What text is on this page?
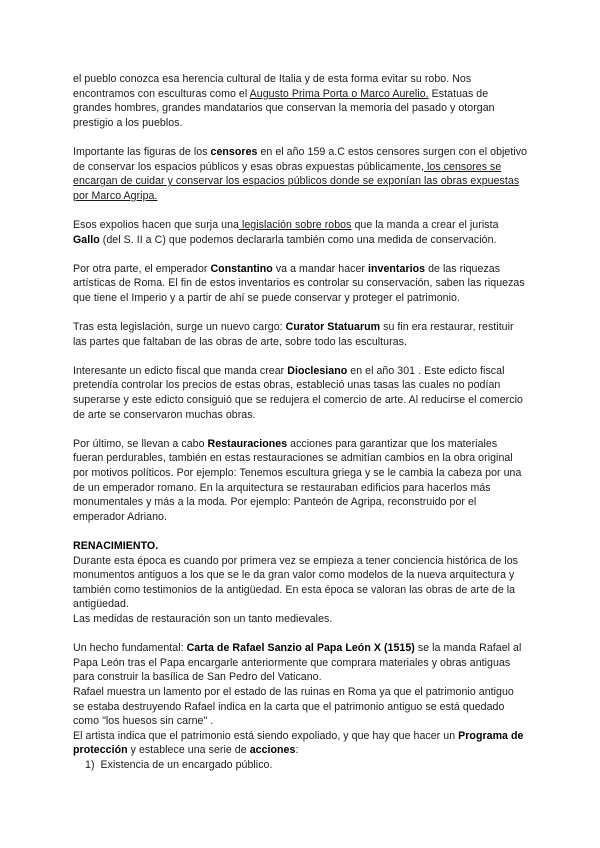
el pueblo conozca esa herencia cultural de Italia y de esta forma evitar su robo. Nos encontramos con esculturas como el Augusto Prima Porta o Marco Aurelio. Estatuas de grandes hombres, grandes mandatarios que conservan la memoria del pasado y otorgan prestigio a los pueblos.

Importante las figuras de los censores en el año 159 a.C estos censores surgen con el objetivo de conservar los espacios públicos y esas obras expuestas públicamente, los censores se encargan de cuidar y conservar los espacios públicos donde se exponían las obras expuestas por Marco Agripa.

Esos expolios hacen que surja una legislación sobre robos que la manda a crear el jurista Gallo (del S. II a C) que podemos declararla también como una medida de conservación.

Por otra parte, el emperador Constantino va a mandar hacer inventarios de las riquezas artísticas de Roma. El fin de estos inventarios es controlar su conservación, saben las riquezas que tiene el Imperio y a partir de ahí se puede conservar y proteger el patrimonio.

Tras esta legislación, surge un nuevo cargo: Curator Statuarum su fin era restaurar, restituir las partes que faltaban de las obras de arte, sobre todo las esculturas.

Interesante un edicto fiscal que manda crear Dioclesiano en el año 301 . Este edicto fiscal pretendía controlar los precios de estas obras, estableció unas tasas las cuales no podían superarse y este edicto consiguió que se redujera el comercio de arte. Al reducirse el comercio de arte se conservaron muchas obras.

Por último, se llevan a cabo Restauraciones acciones para garantizar que los materiales fueran perdurables, también en estas restauraciones se admitían cambios en la obra original por motivos políticos. Por ejemplo: Tenemos escultura griega y se le cambia la cabeza por una de un emperador romano. En la arquitectura se restauraban edificios para hacerlos más monumentales y más a la moda. Por ejemplo: Panteón de Agripa, reconstruido por el emperador Adriano.

RENACIMIENTO.

Durante esta época es cuando por primera vez se empieza a tener conciencia histórica de los monumentos antiguos a los que se le da gran valor como modelos de la nueva arquitectura y también como testimonios de la antigüedad. En esta época se valoran las obras de arte de la antigüedad.

Las medidas de restauración son un tanto medievales.

Un hecho fundamental: Carta de Rafael Sanzio al Papa León X (1515) se la manda Rafael al Papa León tras el Papa encargarle anteriormente que comprara materiales y obras antiguas para construir la basílica de San Pedro del Vaticano.

Rafael muestra un lamento por el estado de las ruinas en Roma ya que el patrimonio antiguo se estaba destruyendo Rafael indica en la carta que el patrimonio antiguo se está quedado como "los huesos sin carne" .

El artista indica que el patrimonio está siendo expoliado, y que hay que hacer un Programa de protección y establece una serie de acciones:

1) Existencia de un encargado público.
